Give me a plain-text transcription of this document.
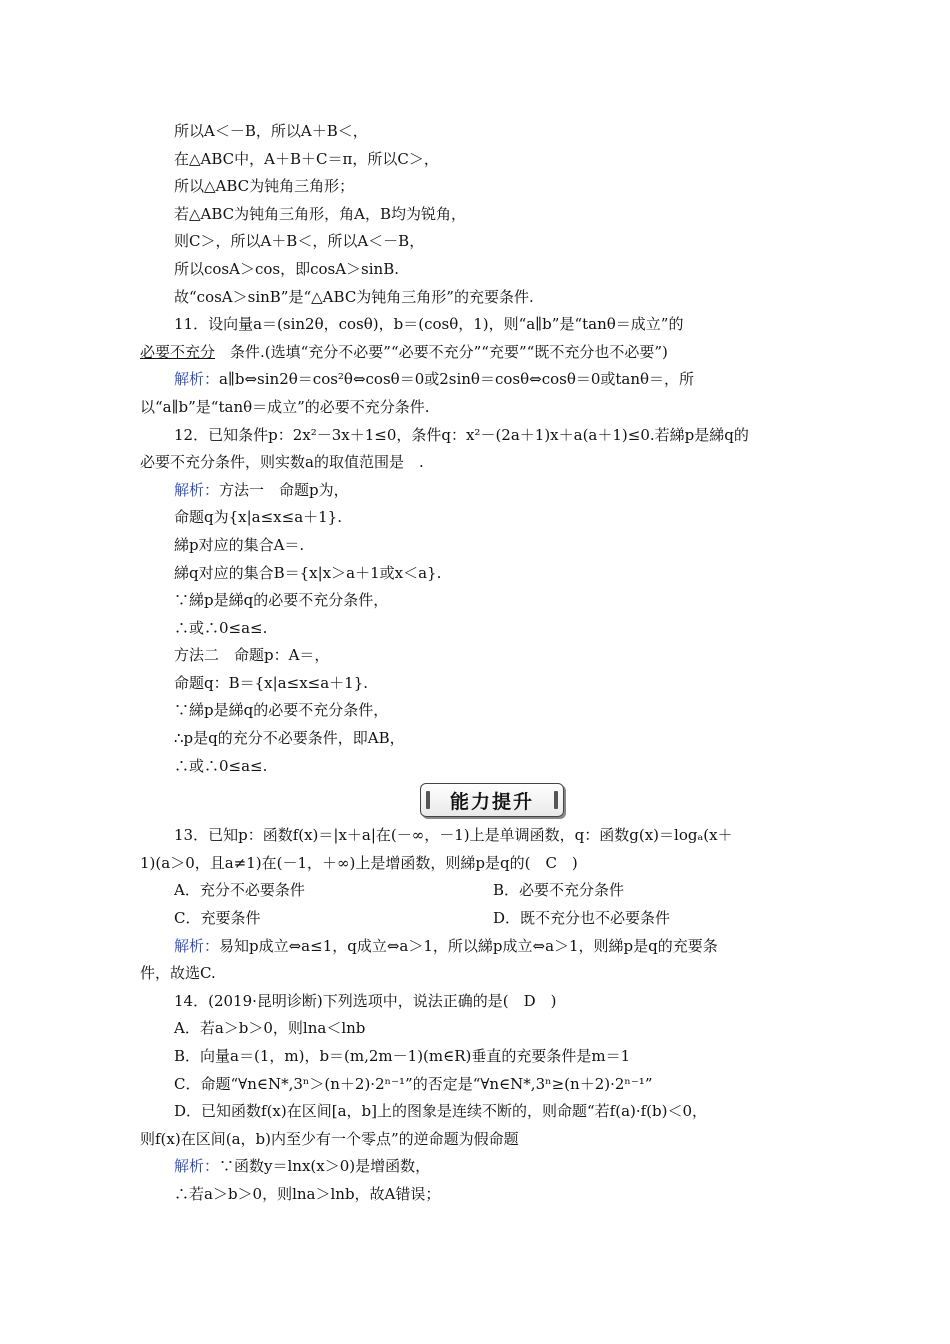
所以A＜－B，所以A＋B＜，
在△ABC中，A＋B＋C＝π，所以C＞，
所以△ABC为钝角三角形；
若△ABC为钝角三角形，角A，B均为锐角，
则C＞，所以A＋B＜，所以A＜－B，
所以cosA＞cos，即cosA＞sinB.
故“cosA＞sinB”是“△ABC为钝角三角形”的充要条件.
11．设向量a＝(sin2θ，cosθ)，b＝(cosθ，1)，则“a∥b”是“tanθ＝成立”的
必要不充分　条件.(选填“充分不必要”“必要不充分”“充要”“既不充分也不必要”)
解析：a∥b⇔sin2θ＝cos²θ⇔cosθ＝0或2sinθ＝cosθ⇔cosθ＝0或tanθ＝，所
以“a∥b”是“tanθ＝成立”的必要不充分条件.
12．已知条件p：2x²－3x＋1≤0，条件q：x²－(2a＋1)x＋a(a＋1)≤0.若綈p是綈q的
必要不充分条件，则实数a的取值范围是　.
解析：方法一　命题p为，
命题q为{x|a≤x≤a＋1}.
綈p对应的集合A＝.
綈q对应的集合B＝{x|x＞a＋1或x＜a}.
∵綈p是綈q的必要不充分条件，
∴或∴0≤a≤.
方法二　命题p：A＝，
命题q：B＝{x|a≤x≤a＋1}.
∵綈p是綈q的必要不充分条件，
∴p是q的充分不必要条件，即AB，
∴或∴0≤a≤.
能力提升
13．已知p：函数f(x)＝|x＋a|在(－∞，－1)上是单调函数，q：函数g(x)＝logₐ(x＋
1)(a＞0，且a≠1)在(－1，＋∞)上是增函数，则綈p是q的(　C　)
A．充分不必要条件	B．必要不充分条件
C．充要条件	D．既不充分也不必要条件
解析：易知p成立⇔a≤1，q成立⇔a＞1，所以綈p成立⇔a＞1，则綈p是q的充要条
件，故选C.
14．(2019·昆明诊断)下列选项中，说法正确的是(　D　)
A．若a＞b＞0，则lna＜lnb
B．向量a＝(1，m)，b＝(m,2m－1)(m∈R)垂直的充要条件是m＝1
C．命题“∀n∈N*,3ⁿ＞(n＋2)·2ⁿ⁻¹”的否定是“∀n∈N*,3ⁿ≥(n＋2)·2ⁿ⁻¹”
D．已知函数f(x)在区间[a，b]上的图象是连续不断的，则命题“若f(a)·f(b)＜0，
则f(x)在区间(a，b)内至少有一个零点”的逆命题为假命题
解析：∵函数y＝lnx(x＞0)是增函数，
∴若a＞b＞0，则lna＞lnb，故A错误；
